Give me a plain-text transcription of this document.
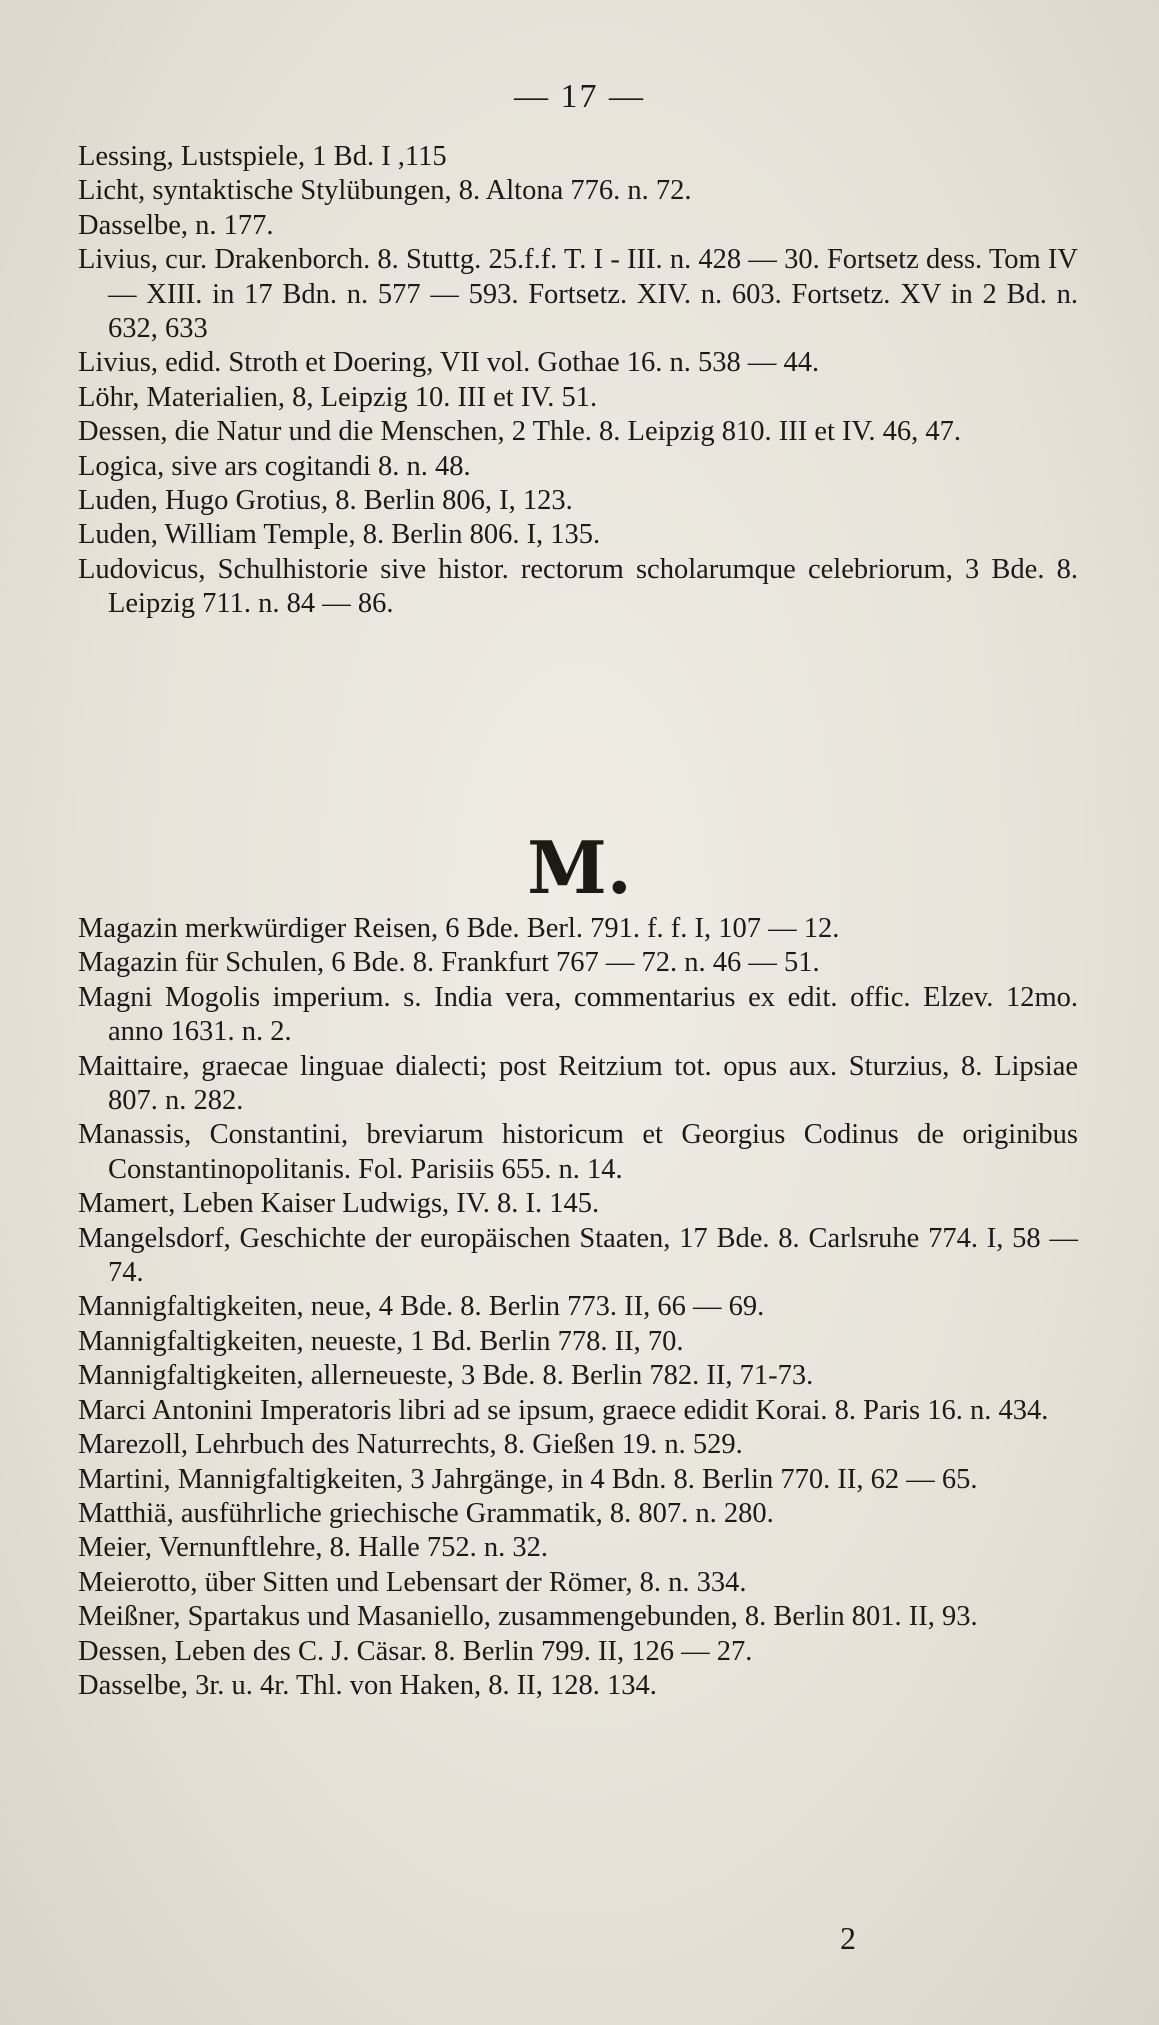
— 17 —

Lessing, Lustspiele, 1 Bd. I ,115

Licht, syntaktische Stylübungen, 8. Altona 776. n. 72.

Dasselbe, n. 177.

Livius, cur. Drakenborch. 8. Stuttg. 25.f.f. T. I - III. n. 428 — 30. Fortsetz dess. Tom IV — XIII. in 17 Bdn. n. 577 — 593. Fortsetz. XIV. n. 603. Fortsetz. XV in 2 Bd. n. 632, 633

Livius, edid. Stroth et Doering, VII vol. Gothae 16. n. 538 — 44.

Löhr, Materialien, 8, Leipzig 10. III et IV. 51.

Dessen, die Natur und die Menschen, 2 Thle. 8. Leipzig 810. III et IV. 46, 47.

Logica, sive ars cogitandi 8. n. 48.

Luden, Hugo Grotius, 8. Berlin 806, I, 123.

Luden, William Temple, 8. Berlin 806. I, 135.

Ludovicus, Schulhistorie sive histor. rectorum scholarumque celebriorum, 3 Bde. 8. Leipzig 711. n. 84 — 86.

M.

Magazin merkwürdiger Reisen, 6 Bde. Berl. 791. f. f. I, 107 — 12.

Magazin für Schulen, 6 Bde. 8. Frankfurt 767 — 72. n. 46 — 51.

Magni Mogolis imperium. s. India vera, commentarius ex edit. offic. Elzev. 12mo. anno 1631. n. 2.

Maittaire, graecae linguae dialecti; post Reitzium tot. opus aux. Sturzius, 8. Lipsiae 807. n. 282.

Manassis, Constantini, breviarum historicum et Georgius Codinus de originibus Constantinopolitanis. Fol. Parisiis 655. n. 14.

Mamert, Leben Kaiser Ludwigs, IV. 8. I. 145.

Mangelsdorf, Geschichte der europäischen Staaten, 17 Bde. 8. Carlsruhe 774. I, 58 — 74.

Mannigfaltigkeiten, neue, 4 Bde. 8. Berlin 773. II, 66 — 69.

Mannigfaltigkeiten, neueste, 1 Bd. Berlin 778. II, 70.

Mannigfaltigkeiten, allerneueste, 3 Bde. 8. Berlin 782. II, 71-73.

Marci Antonini Imperatoris libri ad se ipsum, graece edidit Korai. 8. Paris 16. n. 434.

Marezoll, Lehrbuch des Naturrechts, 8. Gießen 19. n. 529.

Martini, Mannigfaltigkeiten, 3 Jahrgänge, in 4 Bdn. 8. Berlin 770. II, 62 — 65.

Matthiä, ausführliche griechische Grammatik, 8. 807. n. 280.

Meier, Vernunftlehre, 8. Halle 752. n. 32.

Meierotto, über Sitten und Lebensart der Römer, 8. n. 334.

Meißner, Spartakus und Masaniello, zusammengebunden, 8. Berlin 801. II, 93.

Dessen, Leben des C. J. Cäsar. 8. Berlin 799. II, 126 — 27.

Dasselbe, 3r. u. 4r. Thl. von Haken, 8. II, 128. 134.

2
